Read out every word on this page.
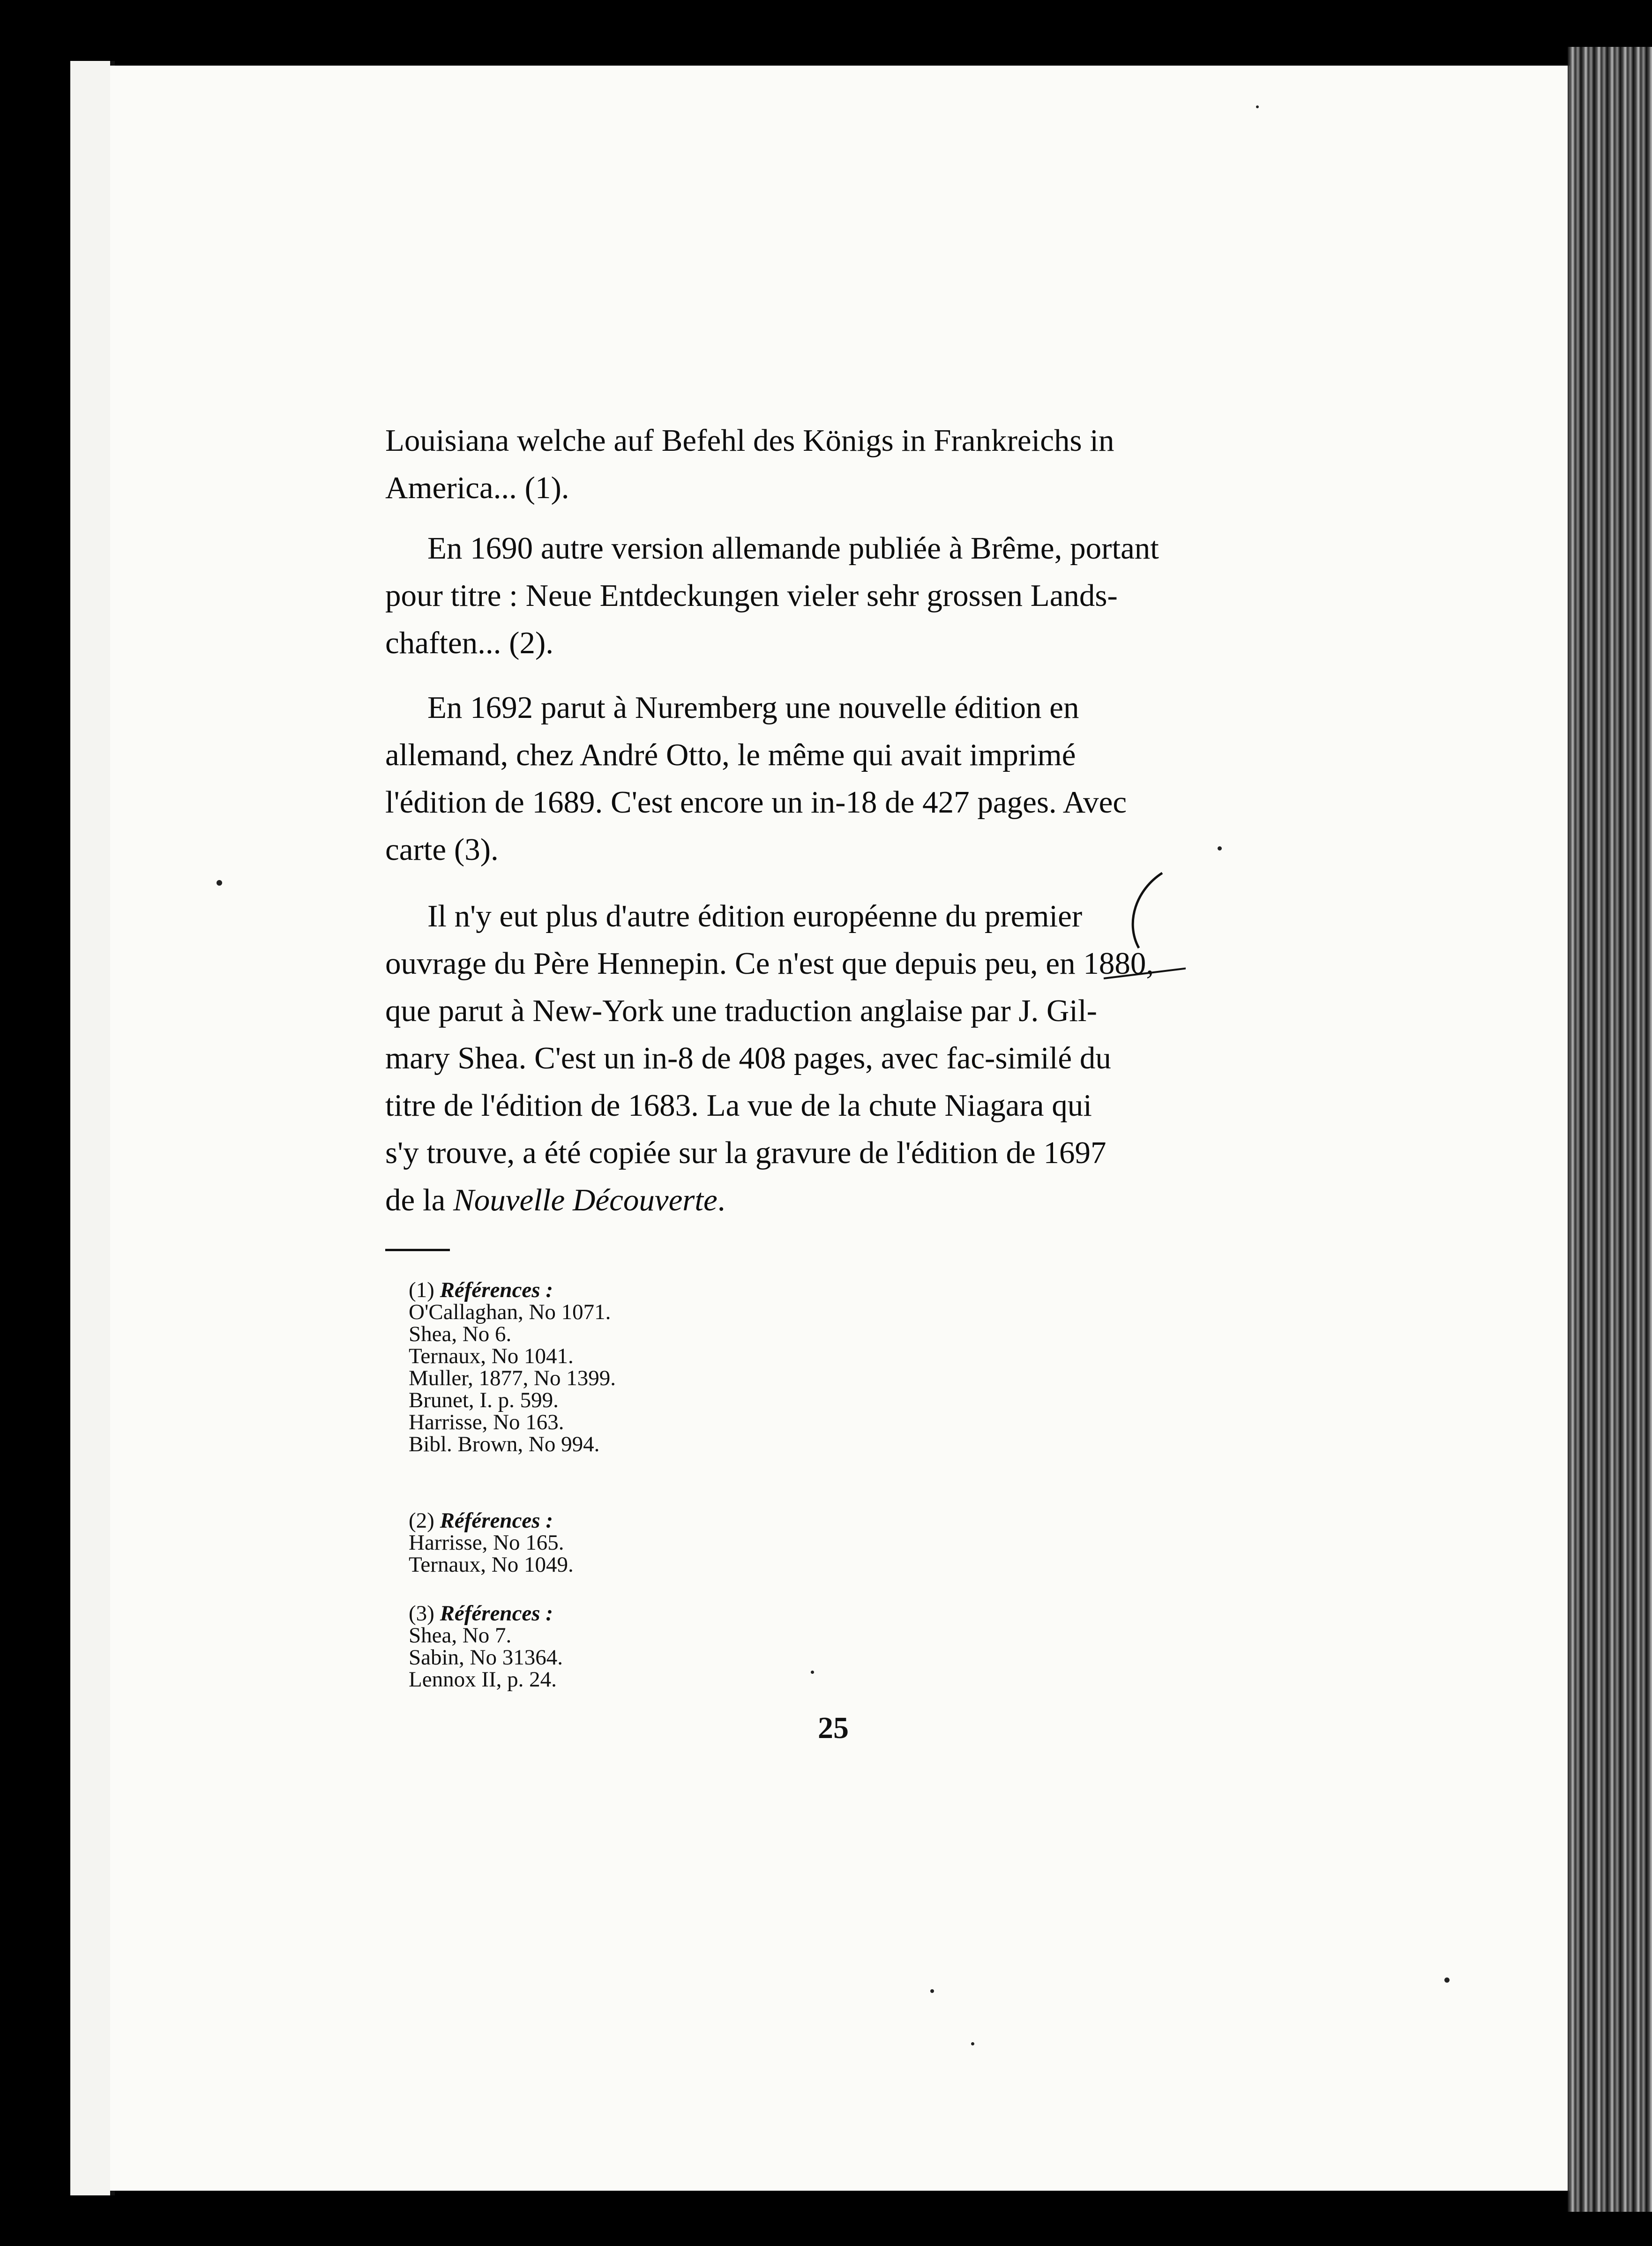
Louisiana welche auf Befehl des Königs in Frankreichs in

America... (1).

En 1690 autre version allemande publiée à Brême, portant

pour titre : Neue Entdeckungen vieler sehr grossen Lands-

chaften... (2).

En 1692 parut à Nuremberg une nouvelle édition en

allemand, chez André Otto, le même qui avait imprimé

l'édition de 1689. C'est encore un in-18 de 427 pages. Avec

carte (3).

Il n'y eut plus d'autre édition européenne du premier

ouvrage du Père Hennepin. Ce n'est que depuis peu, en 1880,

que parut à New-York une traduction anglaise par J. Gil-

mary Shea. C'est un in-8 de 408 pages, avec fac-similé du

titre de l'édition de 1683. La vue de la chute Niagara qui

s'y trouve, a été copiée sur la gravure de l'édition de 1697

de la Nouvelle Découverte.

(1) Références :
O'Callaghan, No 1071.
Shea, No 6.
Ternaux, No 1041.
Muller, 1877, No 1399.
Brunet, I. p. 599.
Harrisse, No 163.
Bibl. Brown, No 994.
(2) Références :
Harrisse, No 165.
Ternaux, No 1049.
(3) Références :
Shea, No 7.
Sabin, No 31364.
Lennox II, p. 24.
25
